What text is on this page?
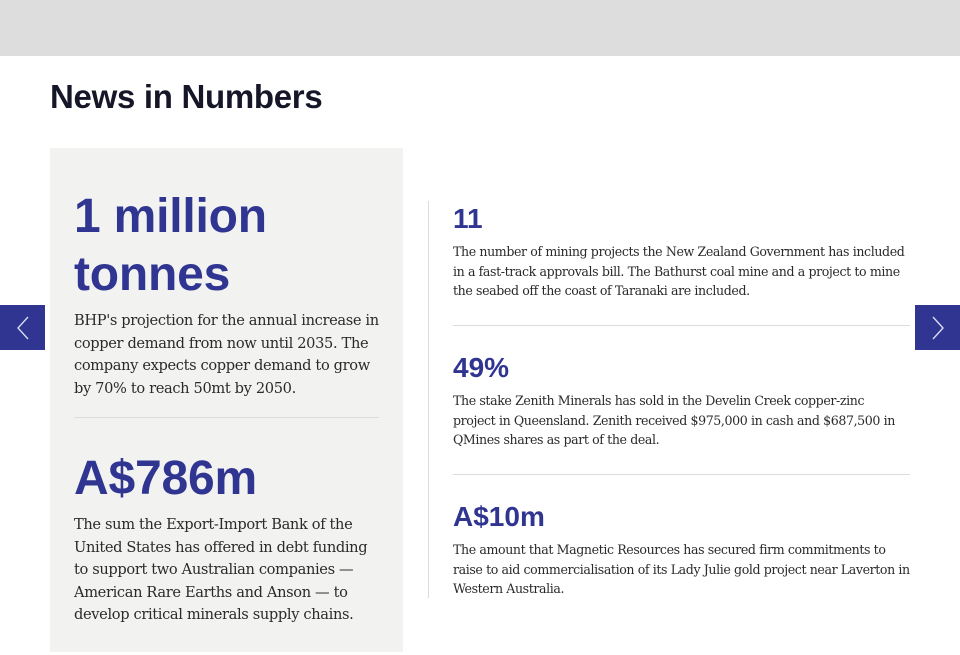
News in Numbers
1 million tonnes

BHP's projection for the annual increase in copper demand from now until 2035. The company expects copper demand to grow by 70% to reach 50mt by 2050.

A$786m

The sum the Export-Import Bank of the United States has offered in debt funding to support two Australian companies — American Rare Earths and Anson — to develop critical minerals supply chains.

11

The number of mining projects the New Zealand Government has included in a fast-track approvals bill. The Bathurst coal mine and a project to mine the seabed off the coast of Taranaki are included.

49%

The stake Zenith Minerals has sold in the Develin Creek copper-zinc project in Queensland. Zenith received $975,000 in cash and $687,500 in QMines shares as part of the deal.

A$10m

The amount that Magnetic Resources has secured firm commitments to raise to aid commercialisation of its Lady Julie gold project near Laverton in Western Australia.
